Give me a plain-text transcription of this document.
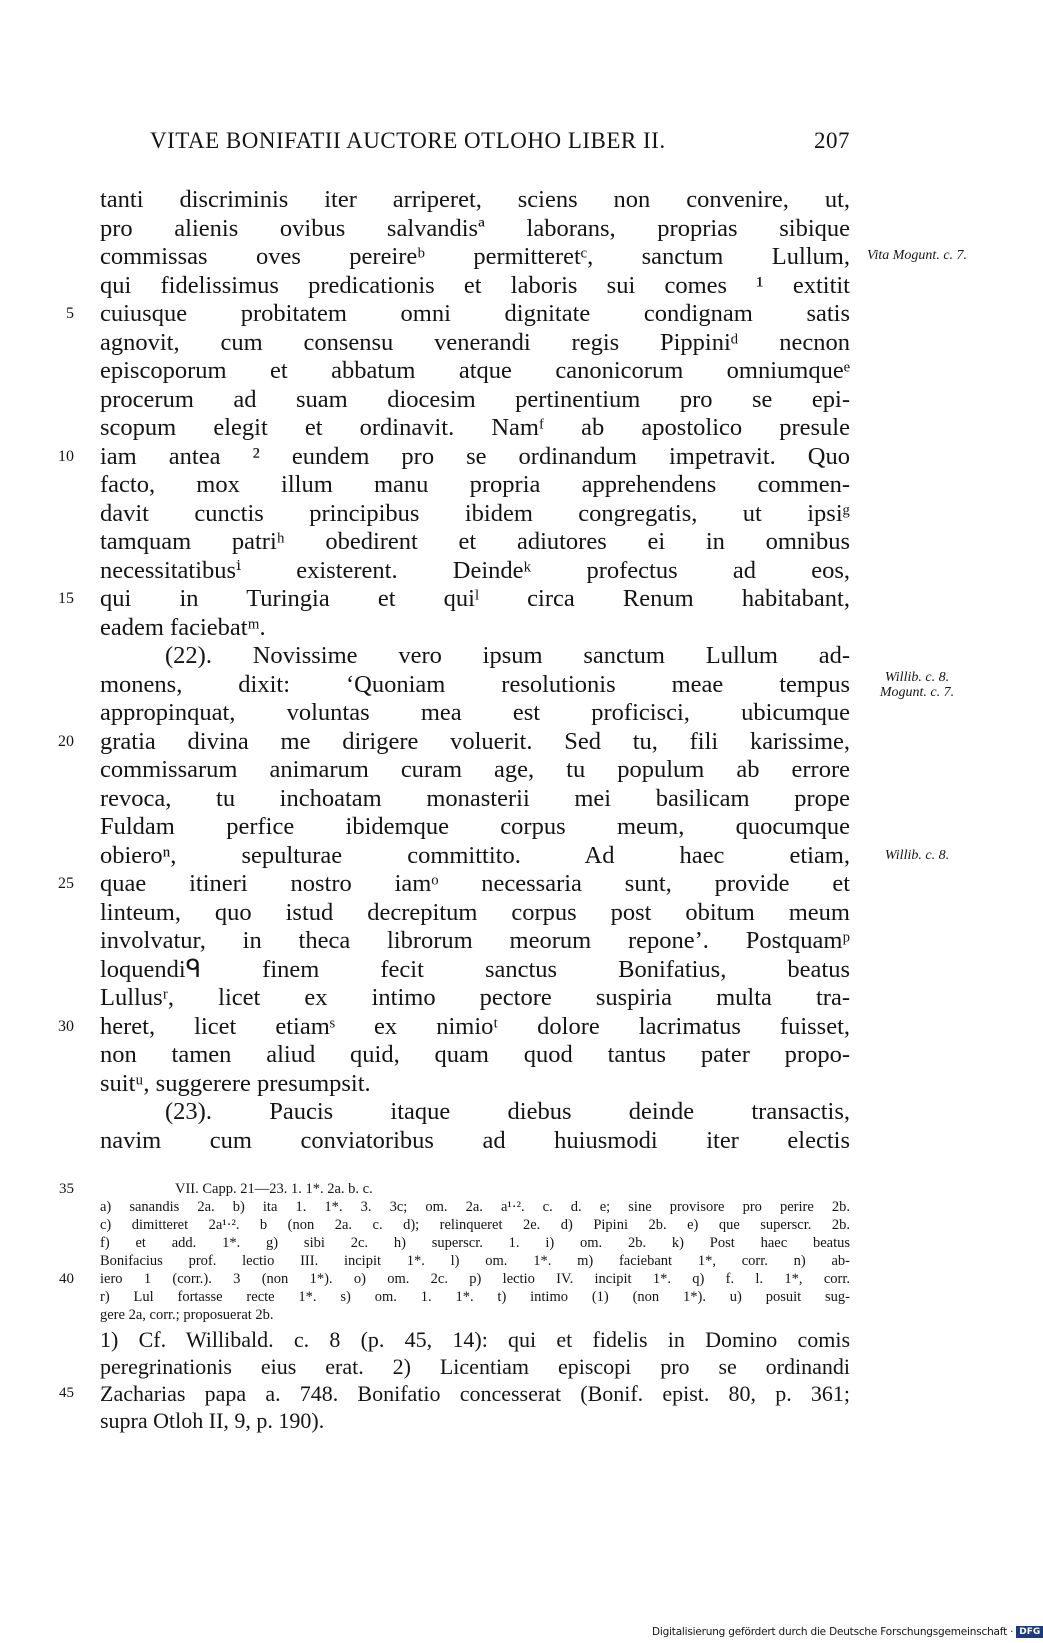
VITAE BONIFATII AUCTORE OTLOHO LIBER II.	207
tanti discriminis iter arriperet, sciens non convenire, ut,
pro alienis ovibus salvandisª laborans, proprias sibique
commissas oves pereireᵇ permitteretᶜ, sanctum Lullum,
qui fidelissimus predicationis et laboris sui comes ¹ extitit
cuiusque probitatem omni dignitate condignam satis
agnovit, cum consensu venerandi regis Pippiniᵈ necnon
episcoporum et abbatum atque canonicorum omniumqueᵉ
procerum ad suam diocesim pertinentium pro se epi-
scopum elegit et ordinavit. Namᶠ ab apostolico presule
iam antea ² eundem pro se ordinandum impetravit. Quo
facto, mox illum manu propria apprehendens commen-
davit cunctis principibus ibidem congregatis, ut ipsiᵍ
tamquam patriʰ obedirent et adiutores ei in omnibus
necessitatibusⁱ existerent. Deindeᵏ profectus ad eos,
qui in Turingia et quiˡ circa Renum habitabant,
eadem faciebatᵐ.
(22). Novissime vero ipsum sanctum Lullum ad-
monens, dixit: ‘Quoniam resolutionis meae tempus
appropinquat, voluntas mea est proficisci, ubicumque
gratia divina me dirigere voluerit. Sed tu, fili karissime,
commissarum animarum curam age, tu populum ab errore
revoca, tu inchoatam monasterii mei basilicam prope
Fuldam perfice ibidemque corpus meum, quocumque
obieroⁿ, sepulturae committito. Ad haec etiam,
quae itineri nostro iamᵒ necessaria sunt, provide et
linteum, quo istud decrepitum corpus post obitum meum
involvatur, in theca librorum meorum repone’. Postquamᵖ
loquendiᑫ finem fecit sanctus Bonifatius, beatus
Lullusʳ, licet ex intimo pectore suspiria multa tra-
heret, licet etiamˢ ex nimioᵗ dolore lacrimatus fuisset,
non tamen aliud quid, quam quod tantus pater propo-
suitᵘ, suggerere presumpsit.
(23). Paucis itaque diebus deinde transactis,
navim cum conviatoribus ad huiusmodi iter electis
5
10
15
20
25
30
35
40
45
Vita Mogunt. c. 7.
Willib. c. 8. Mogunt. c. 7.
Willib. c. 8.
VII. Capp. 21—23. 1. 1*. 2a. b. c.
a) sanandis 2a. b) ita 1. 1*. 3. 3c; om. 2a. a¹·². c. d. e; sine provisore pro perire 2b.
c) dimitteret 2a¹·². b (non 2a. c. d); relinqueret 2e. d) Pipini 2b. e) que superscr. 2b.
f) et add. 1*. g) sibi 2c. h) superscr. 1. i) om. 2b. k) Post haec beatus
Bonifacius prof. lectio III. incipit 1*. l) om. 1*. m) faciebant 1*, corr. n) ab-
iero 1 (corr.). 3 (non 1*). o) om. 2c. p) lectio IV. incipit 1*. q) f. l. 1*, corr.
r) Lul fortasse recte 1*. s) om. 1. 1*. t) intimo (1) (non 1*). u) posuit sug-
gere 2a, corr.; proposuerat 2b.
1) Cf. Willibald. c. 8 (p. 45, 14): qui et fidelis in Domino comis
peregrinationis eius erat. 2) Licentiam episcopi pro se ordinandi
Zacharias papa a. 748. Bonifatio concesserat (Bonif. epist. 80, p. 361;
supra Otloh II, 9, p. 190).
Digitalisierung gefördert durch die Deutsche Forschungsgemeinschaft · DFG
